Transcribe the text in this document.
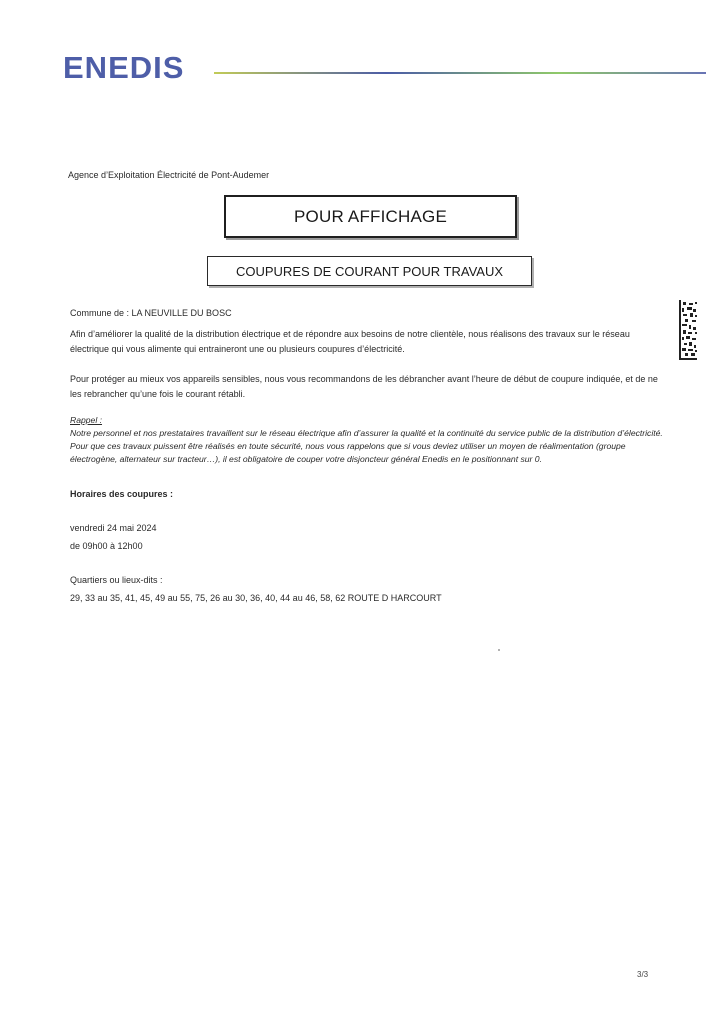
ENEDIS
Agence d’Exploitation Électricité de Pont-Audemer
POUR AFFICHAGE
COUPURES DE COURANT POUR TRAVAUX
Commune de : LA NEUVILLE DU BOSC
Afin d’améliorer la qualité de la distribution électrique et de répondre aux besoins de notre clientèle, nous réalisons des travaux sur le réseau électrique qui vous alimente qui entraineront une ou plusieurs coupures d’électricité.
Pour protéger au mieux vos appareils sensibles, nous vous recommandons de les débrancher avant l’heure de début de coupure indiquée, et de ne les rebrancher qu’une fois le courant rétabli.
Rappel :
Notre personnel et nos prestataires travaillent sur le réseau électrique afin d’assurer la qualité et la continuité du service public de la distribution d’électricité. Pour que ces travaux puissent être réalisés en toute sécurité, nous vous rappelons que si vous deviez utiliser un moyen de réalimentation (groupe électrogène, alternateur sur tracteur…), il est obligatoire de couper votre disjoncteur général Enedis en le positionnant sur 0.
Horaires des coupures :
vendredi 24 mai 2024
de 09h00 à 12h00
Quartiers ou lieux-dits :
29, 33 au 35, 41, 45, 49 au 55, 75, 26 au 30, 36, 40, 44 au 46, 58, 62 ROUTE D HARCOURT
3/3
